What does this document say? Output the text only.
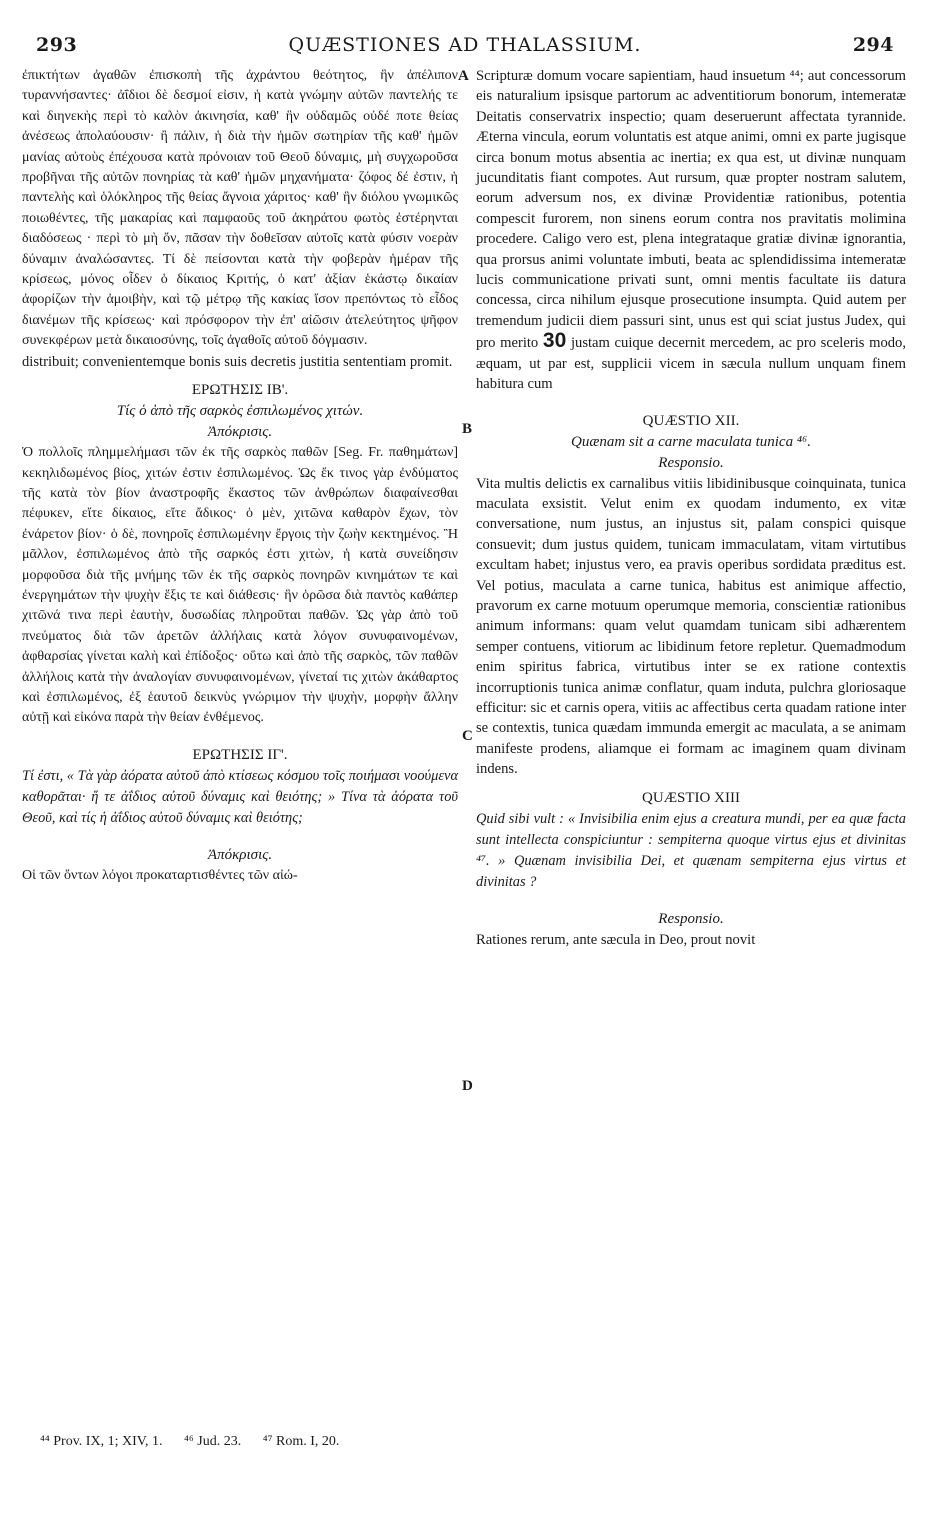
293	QUÆSTIONES AD THALASSIUM.	294
A
B
C
D

ἐπικτήτων ἀγαθῶν ἐπισκοπὴ τῆς ἀχράντου θεότητος, ἣν ἀπέλιπον τυραννήσαντες· ἀΐδιοι δὲ δεσμοί εἰσιν, ἡ κατὰ γνώμην αὐτῶν παντελής τε καὶ διηνεκὴς περὶ τὸ καλὸν ἀκινησία, καθ' ἣν οὐδαμῶς οὐδέ ποτε θείας ἀνέσεως ἀπολαύουσιν· ἢ πάλιν, ἡ διὰ τὴν ἡμῶν σωτηρίαν τῆς καθ' ἡμῶν μανίας αὐτοὺς ἐπέχουσα κατὰ πρόνοιαν τοῦ Θεοῦ δύναμις, μὴ συγχωροῦσα προβῆναι τῆς αὐτῶν πονηρίας τὰ καθ' ἡμῶν μηχανήματα· ζόφος δέ ἐστιν, ἡ παντελὴς καὶ ὁλόκληρος τῆς θείας ἄγνοια χάριτος· καθ' ἣν διόλου γνωμικῶς ποιωθέντες, τῆς μακαρίας καὶ παμφαοῦς τοῦ ἀκηράτου φωτὸς ἐστέρηνται διαδόσεως · περὶ τὸ μὴ ὄν, πᾶσαν τὴν δοθεῖσαν αὐτοῖς κατὰ φύσιν νοερὰν δύναμιν ἀναλώσαντες. Τί δὲ πείσονται κατὰ τὴν φοβερὰν ἡμέραν τῆς κρίσεως, μόνος οἶδεν ὁ δίκαιος Κριτής, ὁ κατ' ἀξίαν ἑκάστῳ δικαίαν ἀφορίζων τὴν ἀμοιβὴν, καὶ τῷ μέτρῳ τῆς κακίας ἴσον πρεπόντως τὸ εἶδος διανέμων τῆς κρίσεως· καὶ πρόσφορον τὴν ἐπ' αἰῶσιν ἀτελεύτητος ψῆφον συνεκφέρων μετὰ δικαιοσύνης, τοῖς ἀγαθοῖς αὐτοῦ δόγμασιν.

distribuit; convenientemque bonis suis decretis justitia sententiam promit.

ΕΡΩΤΗΣΙΣ ΙΒ'.

Τίς ὁ ἀπὸ τῆς σαρκὸς ἐσπιλωμένος χιτών.

Ἀπόκρισις.

Ὁ πολλοῖς πλημμελήμασι τῶν ἐκ τῆς σαρκὸς παθῶν [Seg. Fr. παθημάτων] κεκηλιδωμένος βίος, χιτών ἐστιν ἐσπιλωμένος. Ὡς ἔκ τινος γὰρ ἐνδύματος τῆς κατὰ τὸν βίον ἀναστροφῆς ἕκαστος τῶν ἀνθρώπων διαφαίνεσθαι πέφυκεν, εἴτε δίκαιος, εἴτε ἄδικος· ὁ μὲν, χιτῶνα καθαρὸν ἔχων, τὸν ἐνάρετον βίον· ὁ δὲ, πονηροῖς ἐσπιλωμένην ἔργοις τὴν ζωὴν κεκτημένος. Ἢ μᾶλλον, ἐσπιλωμένος ἀπὸ τῆς σαρκός ἐστι χιτὼν, ἡ κατὰ συνείδησιν μορφοῦσα διὰ τῆς μνήμης τῶν ἐκ τῆς σαρκὸς πονηρῶν κινημάτων τε καὶ ἐνεργημάτων τὴν ψυχὴν ἕξις τε καὶ διάθεσις· ἣν ὁρῶσα διὰ παντὸς καθάπερ χιτῶνά τινα περὶ ἑαυτὴν, δυσωδίας πληροῦται παθῶν. Ὡς γὰρ ἀπὸ τοῦ πνεύματος διὰ τῶν ἀρετῶν ἀλλήλαις κατὰ λόγον συνυφαινομένων, ἀφθαρσίας γίνεται καλὴ καὶ ἐπίδοξος· οὕτω καὶ ἀπὸ τῆς σαρκὸς, τῶν παθῶν ἀλλήλοις κατὰ τὴν ἀναλογίαν συνυφαινομένων, γίνεταί τις χιτὼν ἀκάθαρτος καὶ ἐσπιλωμένος, ἐξ ἑαυτοῦ δεικνὺς γνώριμον τὴν ψυχὴν, μορφὴν ἄλλην αὐτῇ καὶ εἰκόνα παρὰ τὴν θείαν ἐνθέμενος.

ΕΡΩΤΗΣΙΣ ΙΓ'.

Τί ἐστι, « Τὰ γὰρ ἀόρατα αὐτοῦ ἀπὸ κτίσεως κόσμου τοῖς ποιήμασι νοούμενα καθορᾶται· ἥ τε ἀΐδιος αὐτοῦ δύναμις καὶ θειότης; » Τίνα τὰ ἀόρατα τοῦ Θεοῦ, καὶ τίς ἡ ἀΐδιος αὐτοῦ δύναμις καὶ θειότης;

Ἀπόκρισις.

Οἱ τῶν ὄντων λόγοι προκαταρτισθέντες τῶν αἰώ-

Scripturæ domum vocare sapientiam, haud insuetum ⁴⁴; aut concessorum eis naturalium ipsisque partorum ac adventitiorum bonorum, intemeratæ Deitatis conservatrix inspectio; quam deseruerunt affectata tyrannide. Æterna vincula, eorum voluntatis est atque animi, omni ex parte jugisque circa bonum motus absentia ac inertia; ex qua est, ut divinæ nunquam jucunditatis fiant compotes. Aut rursum, quæ propter nostram salutem, eorum adversum nos, ex divinæ Providentiæ rationibus, potentia compescit furorem, non sinens eorum contra nos pravitatis molimina procedere. Caligo vero est, plena integrataque gratiæ divinæ ignorantia, qua prorsus animi voluntate imbuti, beata ac splendidissima intemeratæ lucis communicatione privati sunt, omni mentis facultate iis datura concessa, circa nihilum ejusque prosecutione insumpta. Quid autem per tremendum judicii diem passuri sint, unus est qui sciat justus Judex, qui pro merito 30 justam cuique decernit mercedem, ac pro sceleris modo, æquam, ut par est, supplicii vicem in sæcula nullum unquam finem habitura cum

QUÆSTIO XII.

Quænam sit a carne maculata tunica ⁴⁶.

Responsio.

Vita multis delictis ex carnalibus vitiis libidinibusque coinquinata, tunica maculata exsistit. Velut enim ex quodam indumento, ex vitæ conversatione, num justus, an injustus sit, palam conspici quisque consuevit; dum justus quidem, tunicam immaculatam, vitam virtutibus excultam habet; injustus vero, ea pravis operibus sordidata præditus est. Vel potius, maculata a carne tunica, habitus est animique affectio, pravorum ex carne motuum operumque memoria, conscientiæ rationibus animum informans: quam velut quamdam tunicam sibi adhærentem semper contuens, vitiorum ac libidinum fetore repletur. Quemadmodum enim spiritus fabrica, virtutibus inter se ex ratione contextis incorruptionis tunica animæ conflatur, quam induta, pulchra gloriosaque efficitur: sic et carnis opera, vitiis ac affectibus certa quadam ratione inter se contextis, tunica quædam immunda emergit ac maculata, a se animam manifeste prodens, aliamque ei formam ac imaginem quam divinam indens.

QUÆSTIO XIII

Quid sibi vult : « Invisibilia enim ejus a creatura mundi, per ea quæ facta sunt intellecta conspiciuntur : sempiterna quoque virtus ejus et divinitas ⁴⁷. » Quænam invisibilia Dei, et quænam sempiterna ejus virtus et divinitas ?

Responsio.

Rationes rerum, ante sæcula in Deo, prout novit

⁴⁴ Prov. IX, 1; XIV, 1. ⁴⁶ Jud. 23. ⁴⁷ Rom. I, 20.
